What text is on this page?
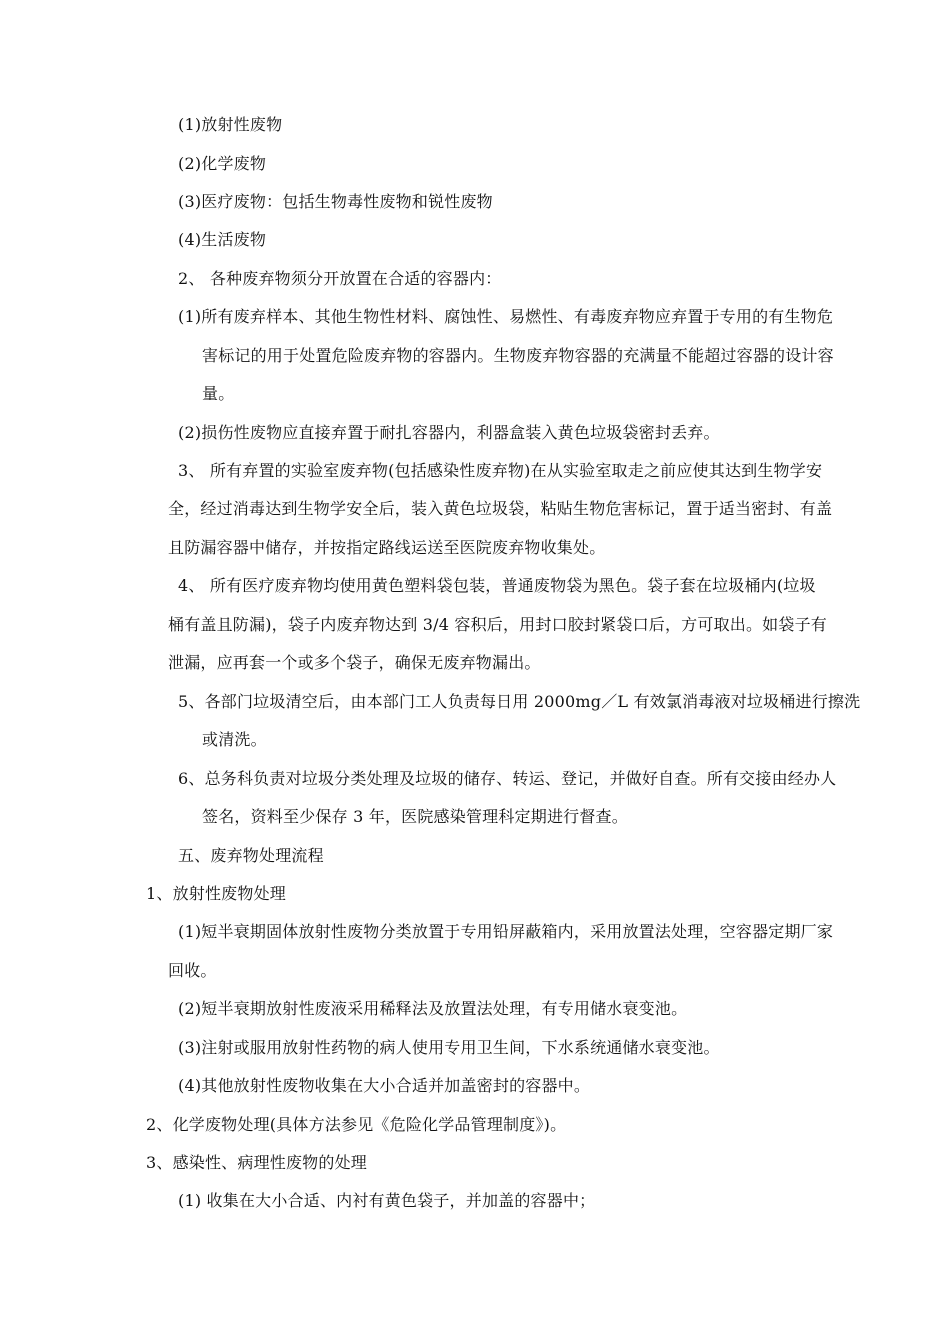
(1)放射性废物
(2)化学废物
(3)医疗废物：包括生物毒性废物和锐性废物
(4)生活废物
2、 各种废弃物须分开放置在合适的容器内：
(1)所有废弃样本、其他生物性材料、腐蚀性、易燃性、有毒废弃物应弃置于专用的有生物危
害标记的用于处置危险废弃物的容器内。生物废弃物容器的充满量不能超过容器的设计容
量。
(2)损伤性废物应直接弃置于耐扎容器内，利器盒装入黄色垃圾袋密封丢弃。
3、 所有弃置的实验室废弃物(包括感染性废弃物)在从实验室取走之前应使其达到生物学安
全，经过消毒达到生物学安全后，装入黄色垃圾袋，粘贴生物危害标记，置于适当密封、有盖
且防漏容器中储存，并按指定路线运送至医院废弃物收集处。
4、 所有医疗废弃物均使用黄色塑料袋包装，普通废物袋为黑色。袋子套在垃圾桶内(垃圾
桶有盖且防漏)，袋子内废弃物达到 3/4 容积后，用封口胶封紧袋口后，方可取出。如袋子有
泄漏，应再套一个或多个袋子，确保无废弃物漏出。
5、各部门垃圾清空后，由本部门工人负责每日用 2000mg／L 有效氯消毒液对垃圾桶进行擦洗
或清洗。
6、总务科负责对垃圾分类处理及垃圾的储存、转运、登记，并做好自查。所有交接由经办人
签名，资料至少保存 3 年，医院感染管理科定期进行督查。
五、废弃物处理流程
1、放射性废物处理
(1)短半衰期固体放射性废物分类放置于专用铅屏蔽箱内，采用放置法处理，空容器定期厂家
回收。
(2)短半衰期放射性废液采用稀释法及放置法处理，有专用储水衰变池。
(3)注射或服用放射性药物的病人使用专用卫生间，下水系统通储水衰变池。
(4)其他放射性废物收集在大小合适并加盖密封的容器中。
2、化学废物处理(具体方法参见《危险化学品管理制度》)。
3、感染性、病理性废物的处理
(1) 收集在大小合适、内衬有黄色袋子，并加盖的容器中；
